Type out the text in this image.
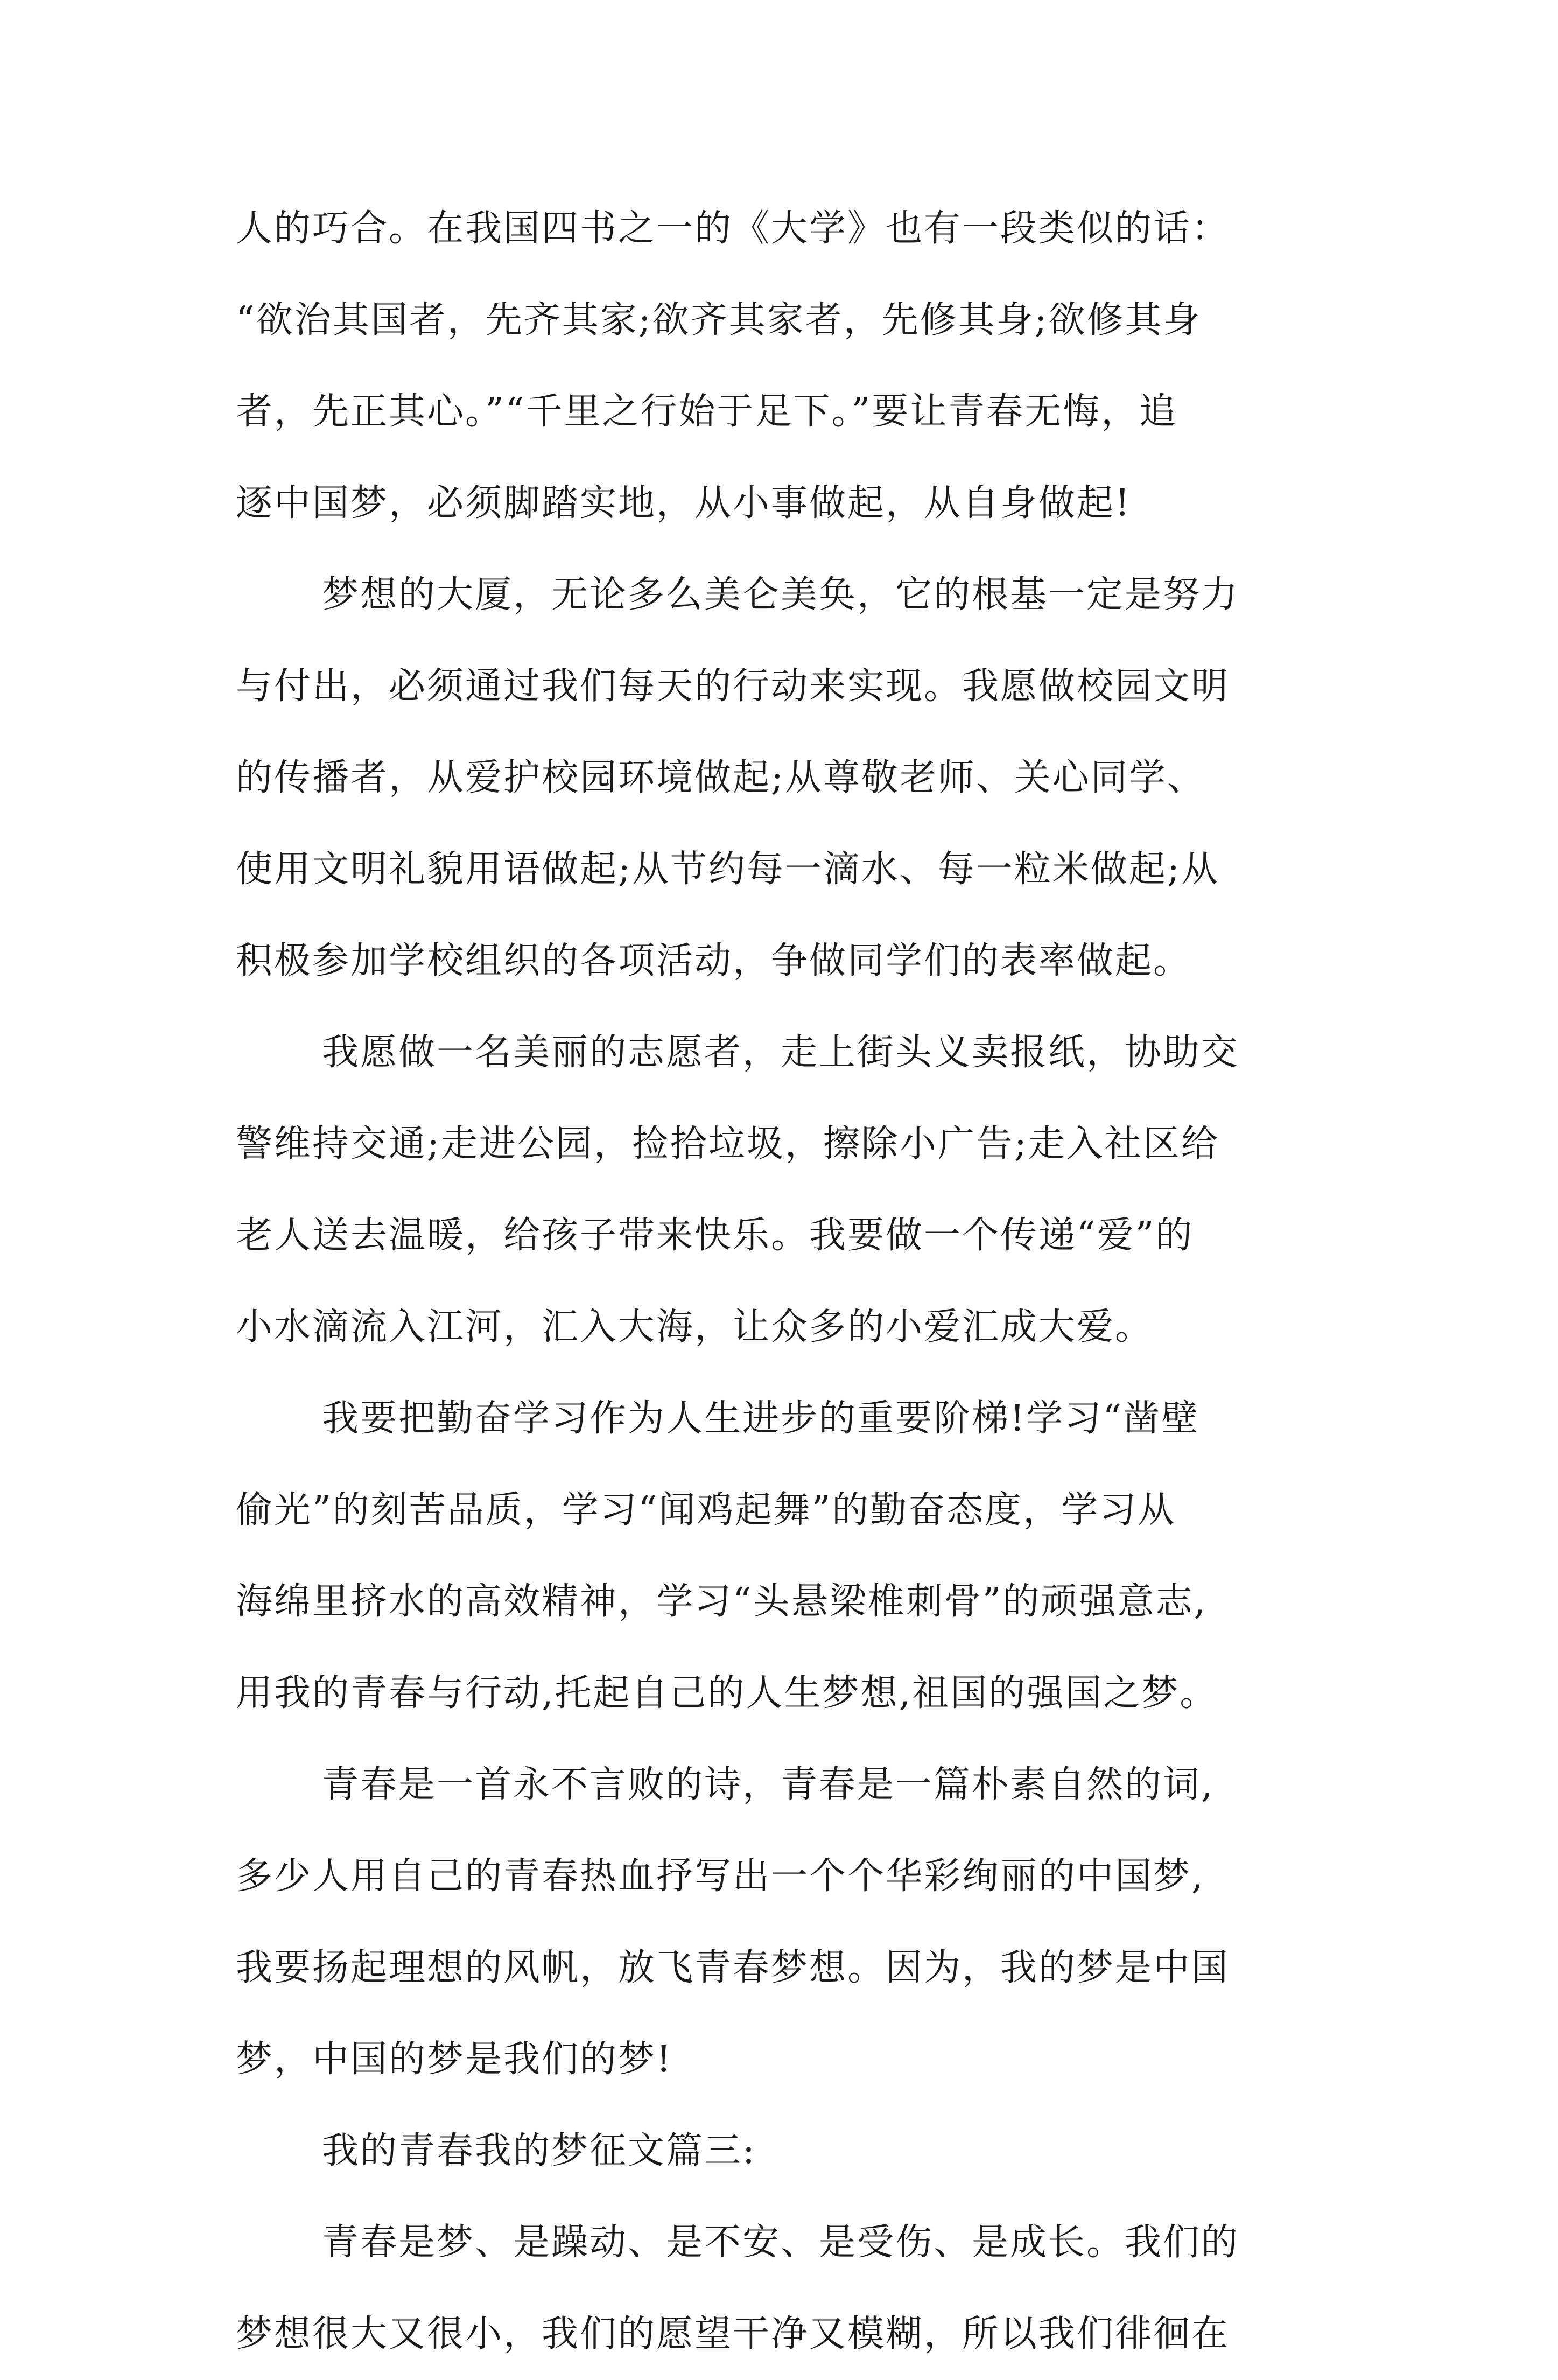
人的巧合。在我国四书之一的《大学》也有一段类似的话：
“欲治其国者，先齐其家;欲齐其家者，先修其身;欲修其身
者，先正其心。”“千里之行始于足下。”要让青春无悔，追
逐中国梦，必须脚踏实地，从小事做起，从自身做起!
梦想的大厦，无论多么美仑美奂，它的根基一定是努力
与付出，必须通过我们每天的行动来实现。我愿做校园文明
的传播者，从爱护校园环境做起;从尊敬老师、关心同学、
使用文明礼貌用语做起;从节约每一滴水、每一粒米做起;从
积极参加学校组织的各项活动，争做同学们的表率做起。
我愿做一名美丽的志愿者，走上街头义卖报纸，协助交
警维持交通;走进公园，捡拾垃圾，擦除小广告;走入社区给
老人送去温暖，给孩子带来快乐。我要做一个传递“爱”的
小水滴流入江河，汇入大海，让众多的小爱汇成大爱。
我要把勤奋学习作为人生进步的重要阶梯!学习“凿壁
偷光”的刻苦品质，学习“闻鸡起舞”的勤奋态度，学习从
海绵里挤水的高效精神，学习“头悬梁椎刺骨”的顽强意志,
用我的青春与行动,托起自己的人生梦想,祖国的强国之梦。
青春是一首永不言败的诗，青春是一篇朴素自然的词,
多少人用自己的青春热血抒写出一个个华彩绚丽的中国梦,
我要扬起理想的风帆，放飞青春梦想。因为，我的梦是中国
梦，中国的梦是我们的梦!
我的青春我的梦征文篇三:
青春是梦、是躁动、是不安、是受伤、是成长。我们的
梦想很大又很小，我们的愿望干净又模糊，所以我们徘徊在
